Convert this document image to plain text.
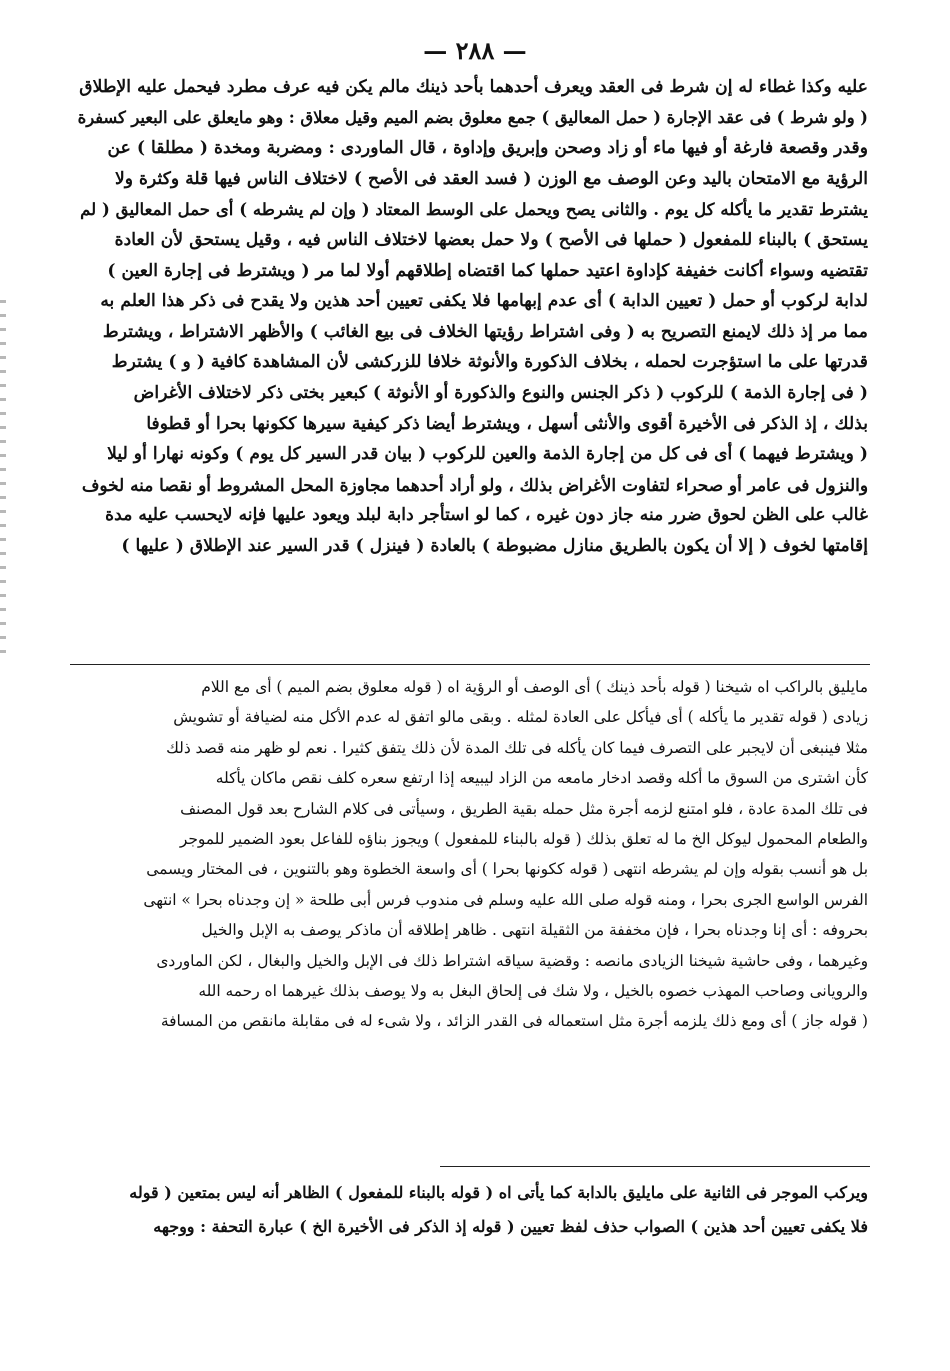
— ٢٨٨ —
عليه وكذا غطاء له إن شرط فى العقد ويعرف أحدهما بأحد ذينك مالم يكن فيه عرف مطرد فيحمل عليه الإطلاق
( ولو شرط ) فى عقد الإجارة ( حمل المعاليق ) جمع معلوق بضم الميم وقيل معلاق : وهو مايعلق على البعير كسفرة
وقدر وقصعة فارغة أو فيها ماء أو زاد وصحن وإبريق وإداوة ، قال الماوردى : ومضربة ومخدة ( مطلقا ) عن
الرؤية مع الامتحان باليد وعن الوصف مع الوزن ( فسد العقد فى الأصح ) لاختلاف الناس فيها قلة وكثرة ولا
يشترط تقدير ما يأكله كل يوم . والثانى يصح ويحمل على الوسط المعتاد ( وإن لم يشرطه ) أى حمل المعاليق ( لم
يستحق ) بالبناء للمفعول ( حملها فى الأصح ) ولا حمل بعضها لاختلاف الناس فيه ، وقيل يستحق لأن العادة
تقتضيه وسواء أكانت خفيفة كإداوة اعتيد حملها كما اقتضاه إطلاقهم أولا لما مر ( ويشترط فى إجارة العين )
لدابة لركوب أو حمل ( تعيين الدابة ) أى عدم إبهامها فلا يكفى تعيين أحد هذين ولا يقدح فى ذكر هذا العلم به
مما مر إذ ذلك لايمنع التصريح به ( وفى اشتراط رؤيتها الخلاف فى بيع الغائب ) والأظهر الاشتراط ، ويشترط
قدرتها على ما استؤجرت لحمله ، بخلاف الذكورة والأنوثة خلافا للزركشى لأن المشاهدة كافية ( و ) يشترط
( فى إجارة الذمة ) للركوب ( ذكر الجنس والنوع والذكورة أو الأنوثة ) كبعير بختى ذكر لاختلاف الأغراض
بذلك ، إذ الذكر فى الأخيرة أقوى والأنثى أسهل ، ويشترط أيضا ذكر كيفية سيرها ككونها بحرا أو قطوفا
( ويشترط فيهما ) أى فى كل من إجارة الذمة والعين للركوب ( بيان قدر السير كل يوم ) وكونه نهارا أو ليلا
والنزول فى عامر أو صحراء لتفاوت الأغراض بذلك ، ولو أراد أحدهما مجاوزة المحل المشروط أو نقصا منه لخوف
غالب على الظن لحوق ضرر منه جاز دون غيره ، كما لو استأجر دابة لبلد ويعود عليها فإنه لايحسب عليه مدة
إقامتها لخوف ( إلا أن يكون بالطريق منازل مضبوطة ) بالعادة ( فينزل ) قدر السير عند الإطلاق ( عليها )
مايليق بالراكب اه شيخنا ( قوله بأحد ذينك ) أى الوصف أو الرؤية اه ( قوله معلوق بضم الميم ) أى مع اللام
زيادى ( قوله تقدير ما يأكله ) أى فيأكل على العادة لمثله . وبقى مالو اتفق له عدم الأكل منه لضيافة أو تشويش
مثلا فينبغى أن لايجبر على التصرف فيما كان يأكله فى تلك المدة لأن ذلك يتفق كثيرا . نعم لو ظهر منه قصد ذلك
كأن اشترى من السوق ما أكله وقصد ادخار مامعه من الزاد ليبيعه إذا ارتفع سعره كلف نقص ماكان يأكله
فى تلك المدة عادة ، فلو امتنع لزمه أجرة مثل حمله بقية الطريق ، وسيأتى فى كلام الشارح بعد قول المصنف
والطعام المحمول ليوكل الخ ما له تعلق بذلك ( قوله بالبناء للمفعول ) ويجوز بناؤه للفاعل بعود الضمير للموجر
بل هو أنسب بقوله وإن لم يشرطه انتهى ( قوله ككونها بحرا ) أى واسعة الخطوة وهو بالتنوين ، فى المختار ويسمى
الفرس الواسع الجرى بحرا ، ومنه قوله صلى الله عليه وسلم فى مندوب فرس أبى طلحة « إن وجدناه بحرا » انتهى
بحروفه : أى إنا وجدناه بحرا ، فإن مخففة من الثقيلة انتهى . ظاهر إطلاقه أن ماذكر يوصف به الإبل والخيل
وغيرهما ، وفى حاشية شيخنا الزيادى مانصه : وقضية سياقه اشتراط ذلك فى الإبل والخيل والبغال ، لكن الماوردى
والرويانى وصاحب المهذب خصوه بالخيل ، ولا شك فى إلحاق البغل به ولا يوصف بذلك غيرهما اه رحمه الله
( قوله جاز ) أى ومع ذلك يلزمه أجرة مثل استعماله فى القدر الزائد ، ولا شىء له فى مقابلة مانقص من المسافة
ويركب الموجر فى الثانية على مايليق بالدابة كما يأتى اه ( قوله بالبناء للمفعول ) الظاهر أنه ليس بمتعين ( قوله
فلا يكفى تعيين أحد هذين ) الصواب حذف لفظ تعيين ( قوله إذ الذكر فى الأخيرة الخ ) عبارة التحفة : ووجهه
